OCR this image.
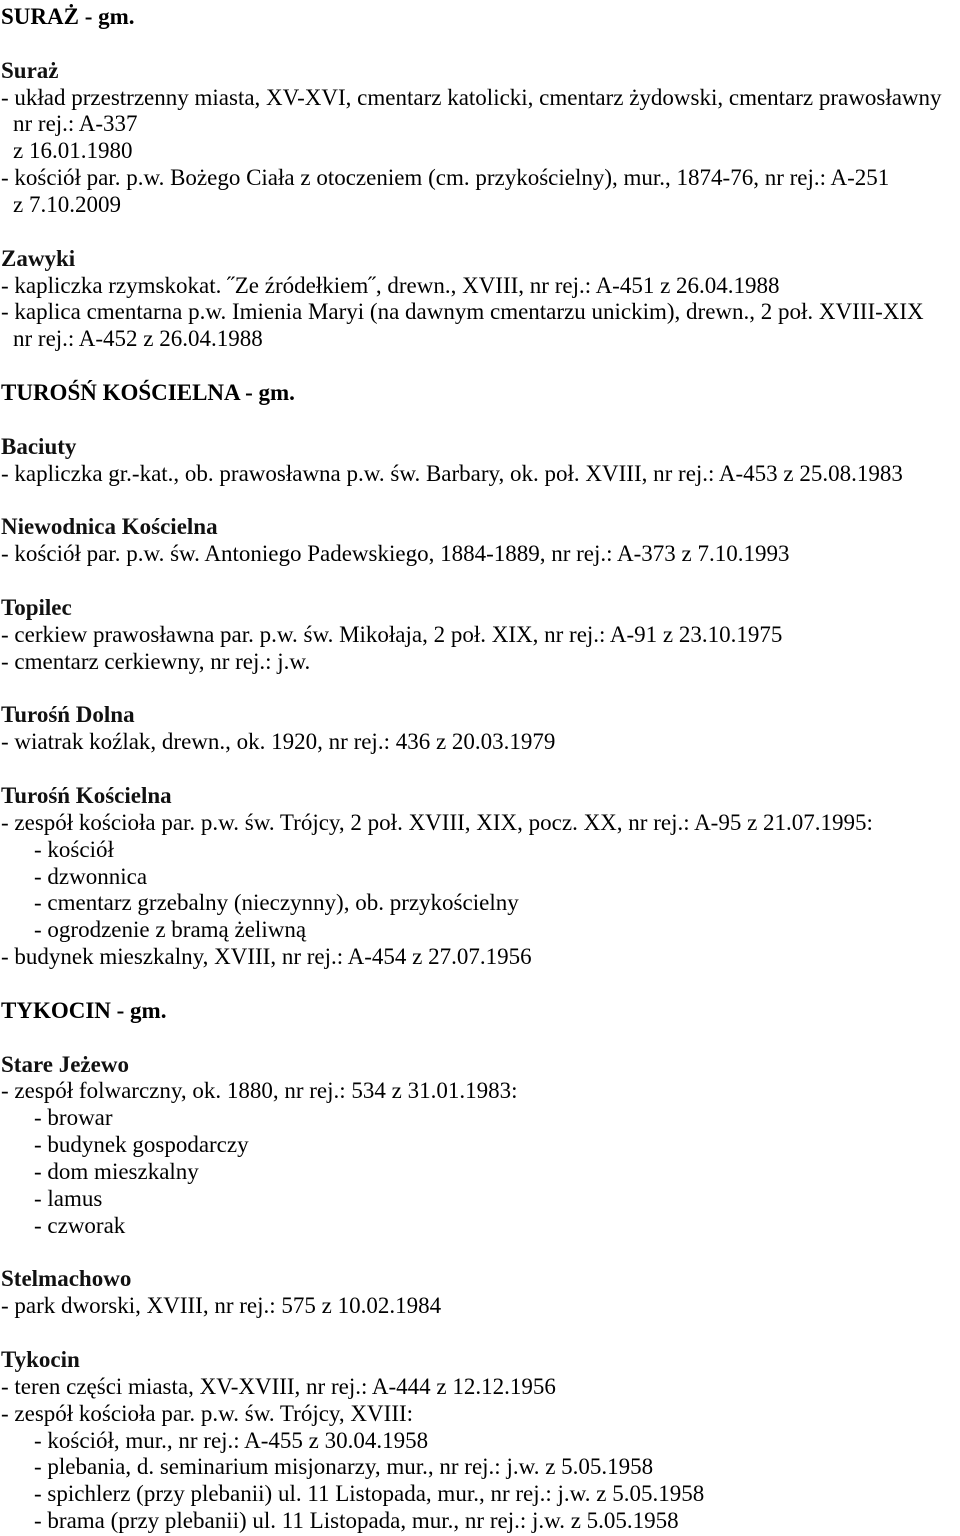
SURAŻ - gm.
Suraż
- układ przestrzenny miasta, XV-XVI, cmentarz katolicki, cmentarz żydowski, cmentarz prawosławny
nr rej.: A-337
z 16.01.1980
- kościół par. p.w. Bożego Ciała z otoczeniem (cm. przykościelny), mur., 1874-76, nr rej.: A-251
z 7.10.2009
Zawyki
- kapliczka rzymskokat. ˝Ze źródełkiem˝, drewn., XVIII, nr rej.: A-451 z 26.04.1988
- kaplica cmentarna p.w. Imienia Maryi (na dawnym cmentarzu unickim), drewn., 2 poł. XVIII-XIX
nr rej.: A-452 z 26.04.1988
TUROŚŃ KOŚCIELNA - gm.
Baciuty
- kapliczka gr.-kat., ob. prawosławna p.w. św. Barbary, ok. poł. XVIII, nr rej.: A-453 z 25.08.1983
Niewodnica Kościelna
- kościół par. p.w. św. Antoniego Padewskiego, 1884-1889, nr rej.: A-373 z 7.10.1993
Topilec
- cerkiew prawosławna par. p.w. św. Mikołaja, 2 poł. XIX, nr rej.: A-91 z 23.10.1975
- cmentarz cerkiewny, nr rej.: j.w.
Turośń Dolna
- wiatrak koźlak, drewn., ok. 1920, nr rej.: 436 z 20.03.1979
Turośń Kościelna
- zespół kościoła par. p.w. św. Trójcy, 2 poł. XVIII, XIX, pocz. XX, nr rej.: A-95 z 21.07.1995:
- kościół
- dzwonnica
- cmentarz grzebalny (nieczynny), ob. przykościelny
- ogrodzenie z bramą żeliwną
- budynek mieszkalny, XVIII, nr rej.: A-454 z 27.07.1956
TYKOCIN - gm.
Stare Jeżewo
- zespół folwarczny, ok. 1880, nr rej.: 534 z 31.01.1983:
- browar
- budynek gospodarczy
- dom mieszkalny
- lamus
- czworak
Stelmachowo
- park dworski, XVIII, nr rej.: 575 z 10.02.1984
Tykocin
- teren części miasta, XV-XVIII, nr rej.: A-444 z 12.12.1956
- zespół kościoła par. p.w. św. Trójcy, XVIII:
- kościół, mur., nr rej.: A-455 z 30.04.1958
- plebania, d. seminarium misjonarzy, mur., nr rej.: j.w. z 5.05.1958
- spichlerz (przy plebanii) ul. 11 Listopada, mur., nr rej.: j.w. z 5.05.1958
- brama (przy plebanii) ul. 11 Listopada, mur., nr rej.: j.w. z 5.05.1958
